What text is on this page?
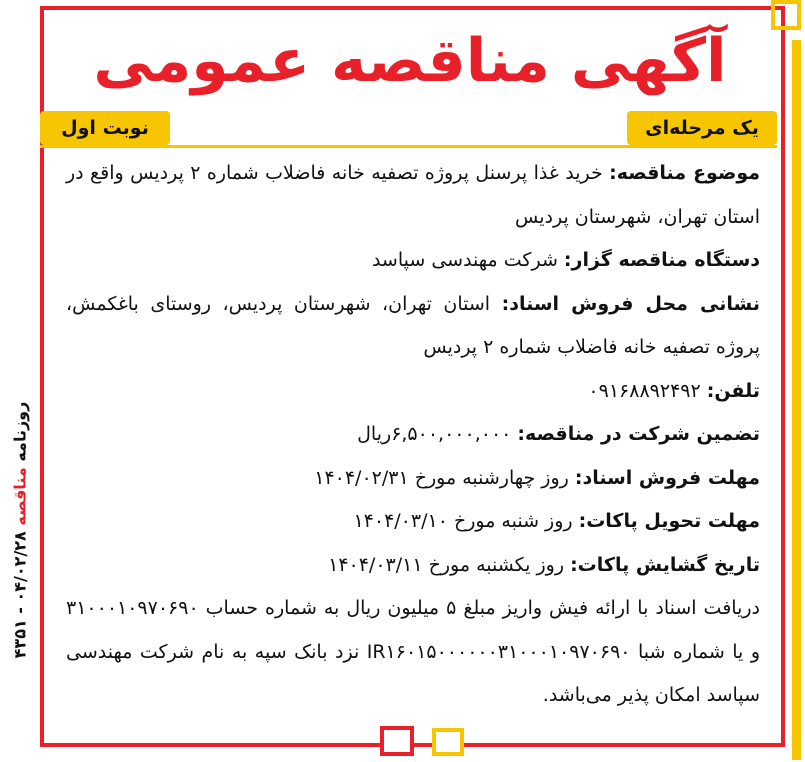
آگهی مناقصه عمومی
یک مرحله‌ای
نوبت اول

موضوع مناقصه: خرید غذا پرسنل پروژه تصفیه خانه فاضلاب شماره ۲ پردیس واقع در استان تهران، شهرستان پردیس

دستگاه مناقصه گزار: شرکت مهندسی سپاسد

نشانی محل فروش اسناد: استان تهران، شهرستان پردیس، روستای باغکمش، پروژه تصفیه خانه فاضلاب شماره ۲ پردیس

تلفن: ۰۹۱۶۸۸۹۲۴۹۲

تضمین شرکت در مناقصه: ۶,۵۰۰,۰۰۰,۰۰۰ریال

مهلت فروش اسناد: روز چهارشنبه مورخ ۱۴۰۴/۰۲/۳۱

مهلت تحویل پاکات: روز شنبه مورخ ۱۴۰۴/۰۳/۱۰

تاریخ گشایش پاکات: روز یکشنبه مورخ ۱۴۰۴/۰۳/۱۱

دریافت اسناد با ارائه فیش واریز مبلغ ۵ میلیون ریال به شماره حساب ۳۱۰۰۰۱۰۹۷۰۶۹۰ و یا شماره شبا IR۱۶۰۱۵۰۰۰۰۰۰۳۱۰۰۰۱۰۹۷۰۶۹۰ نزد بانک سپه به نام شرکت مهندسی سپاسد امکان پذیر می‌باشد.

روزنامه مناقصه ۰۴/۰۲/۲۸ - ۴۳۵۱
